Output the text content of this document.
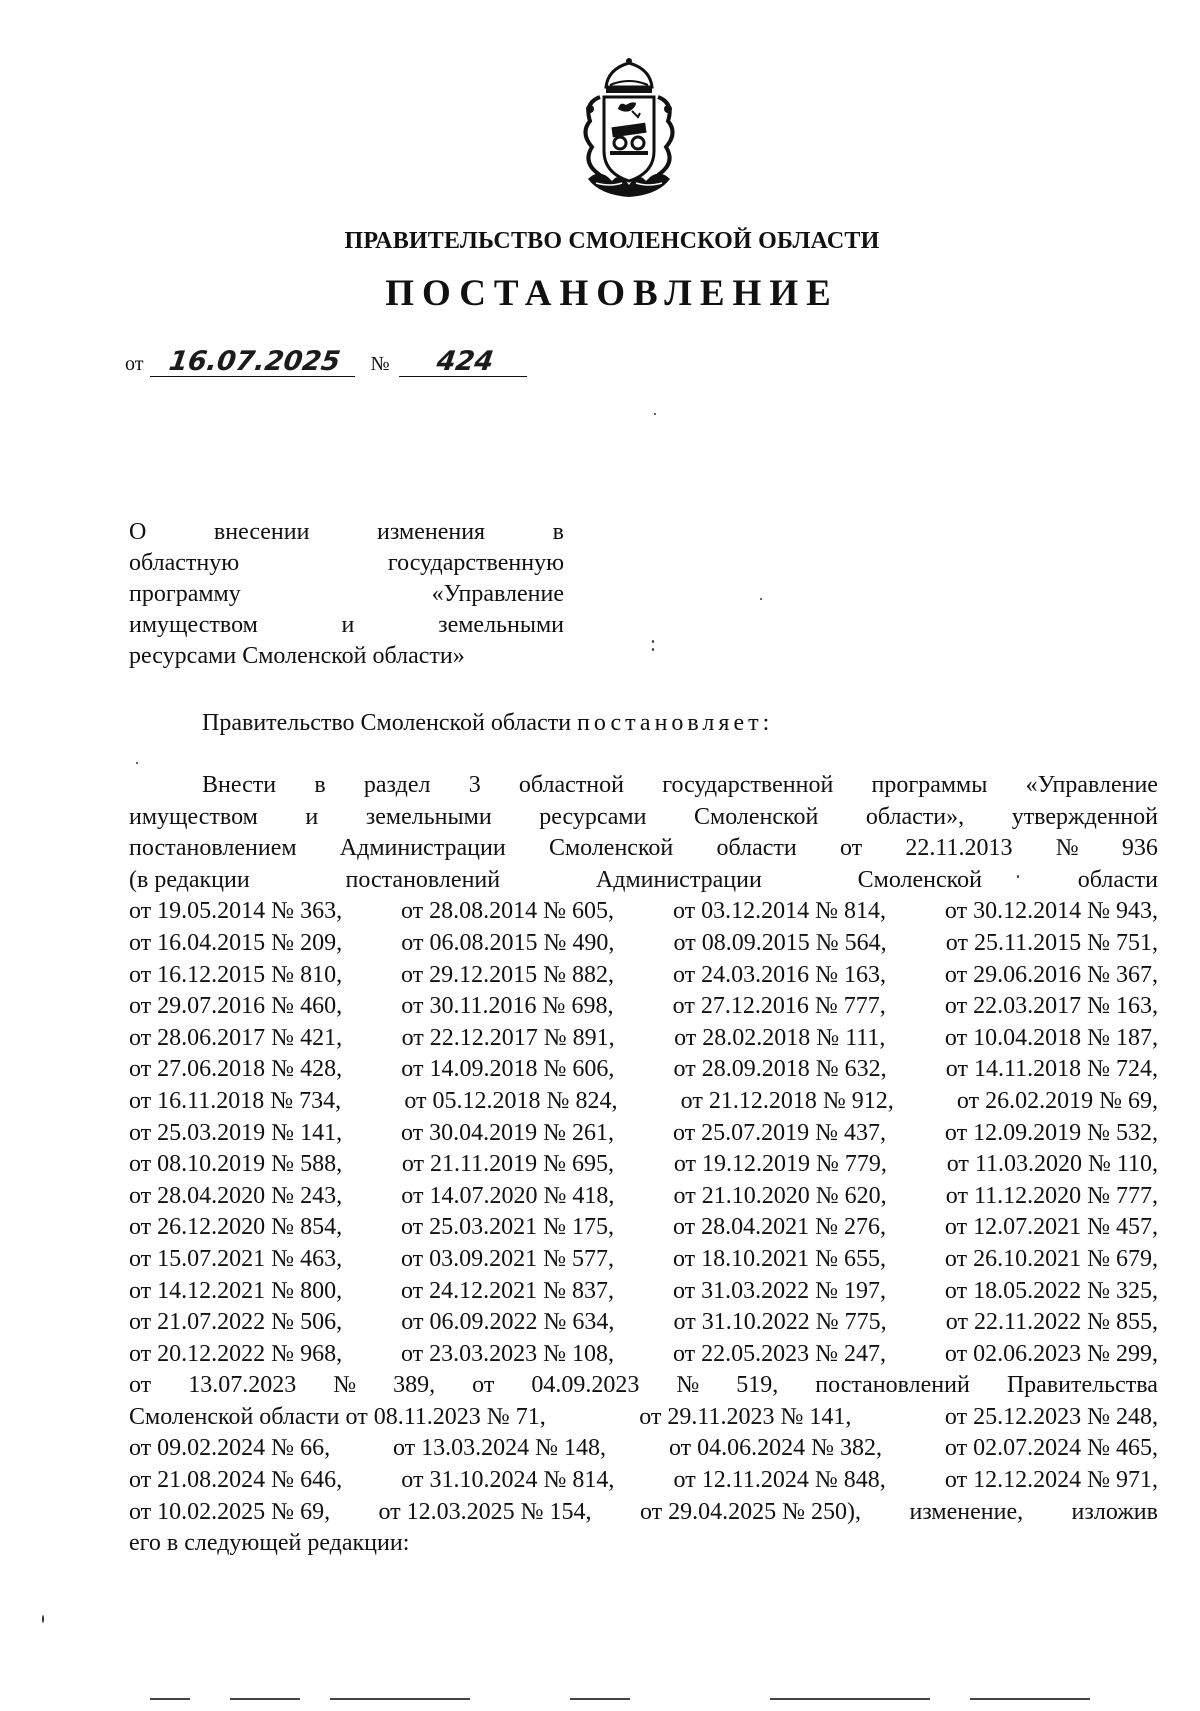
ПРАВИТЕЛЬСТВО СМОЛЕНСКОЙ ОБЛАСТИ
ПОСТАНОВЛЕНИЕ
от 16.07.2025 № 424
О	внесении	изменения	в
областную	государственную
программу	«Управление
имуществом	и	земельными
ресурсами Смоленской области»
Правительство Смоленской области постановляет:
Внести в раздел 3 областной государственной программы «Управление
имуществом и земельными ресурсами Смоленской области», утвержденной
постановлением Администрации Смоленской области от 22.11.2013 № 936
(в редакции	постановлений	Администрации	Смоленской	области
от 19.05.2014 № 363, от 28.08.2014 № 605, от 03.12.2014 № 814, от 30.12.2014 № 943,
от 16.04.2015 № 209, от 06.08.2015 № 490, от 08.09.2015 № 564, от 25.11.2015 № 751,
от 16.12.2015 № 810, от 29.12.2015 № 882, от 24.03.2016 № 163, от 29.06.2016 № 367,
от 29.07.2016 № 460, от 30.11.2016 № 698, от 27.12.2016 № 777, от 22.03.2017 № 163,
от 28.06.2017 № 421, от 22.12.2017 № 891, от 28.02.2018 № 111, от 10.04.2018 № 187,
от 27.06.2018 № 428, от 14.09.2018 № 606, от 28.09.2018 № 632, от 14.11.2018 № 724,
от 16.11.2018 № 734,	от 05.12.2018 № 824,	от 21.12.2018 № 912,	от 26.02.2019 № 69,
от 25.03.2019 № 141, от 30.04.2019 № 261, от 25.07.2019 № 437, от 12.09.2019 № 532,
от 08.10.2019 № 588, от 21.11.2019 № 695, от 19.12.2019 № 779, от 11.03.2020 № 110,
от 28.04.2020 № 243, от 14.07.2020 № 418, от 21.10.2020 № 620, от 11.12.2020 № 777,
от 26.12.2020 № 854, от 25.03.2021 № 175, от 28.04.2021 № 276, от 12.07.2021 № 457,
от 15.07.2021 № 463, от 03.09.2021 № 577, от 18.10.2021 № 655, от 26.10.2021 № 679,
от 14.12.2021 № 800, от 24.12.2021 № 837, от 31.03.2022 № 197, от 18.05.2022 № 325,
от 21.07.2022 № 506, от 06.09.2022 № 634, от 31.10.2022 № 775, от 22.11.2022 № 855,
от 20.12.2022 № 968, от 23.03.2023 № 108, от 22.05.2023 № 247, от 02.06.2023 № 299,
от 13.07.2023 № 389, от 04.09.2023 № 519, постановлений Правительства
Смоленской области от 08.11.2023 № 71,	от 29.11.2023 № 141,	от 25.12.2023 № 248,
от 09.02.2024 № 66,	от 13.03.2024 № 148,	от 04.06.2024 № 382,	от 02.07.2024 № 465,
от 21.08.2024 № 646, от 31.10.2024 № 814, от 12.11.2024 № 848, от 12.12.2024 № 971,
от 10.02.2025 № 69, от 12.03.2025 № 154, от 29.04.2025 № 250), изменение, изложив
его в следующей редакции:
